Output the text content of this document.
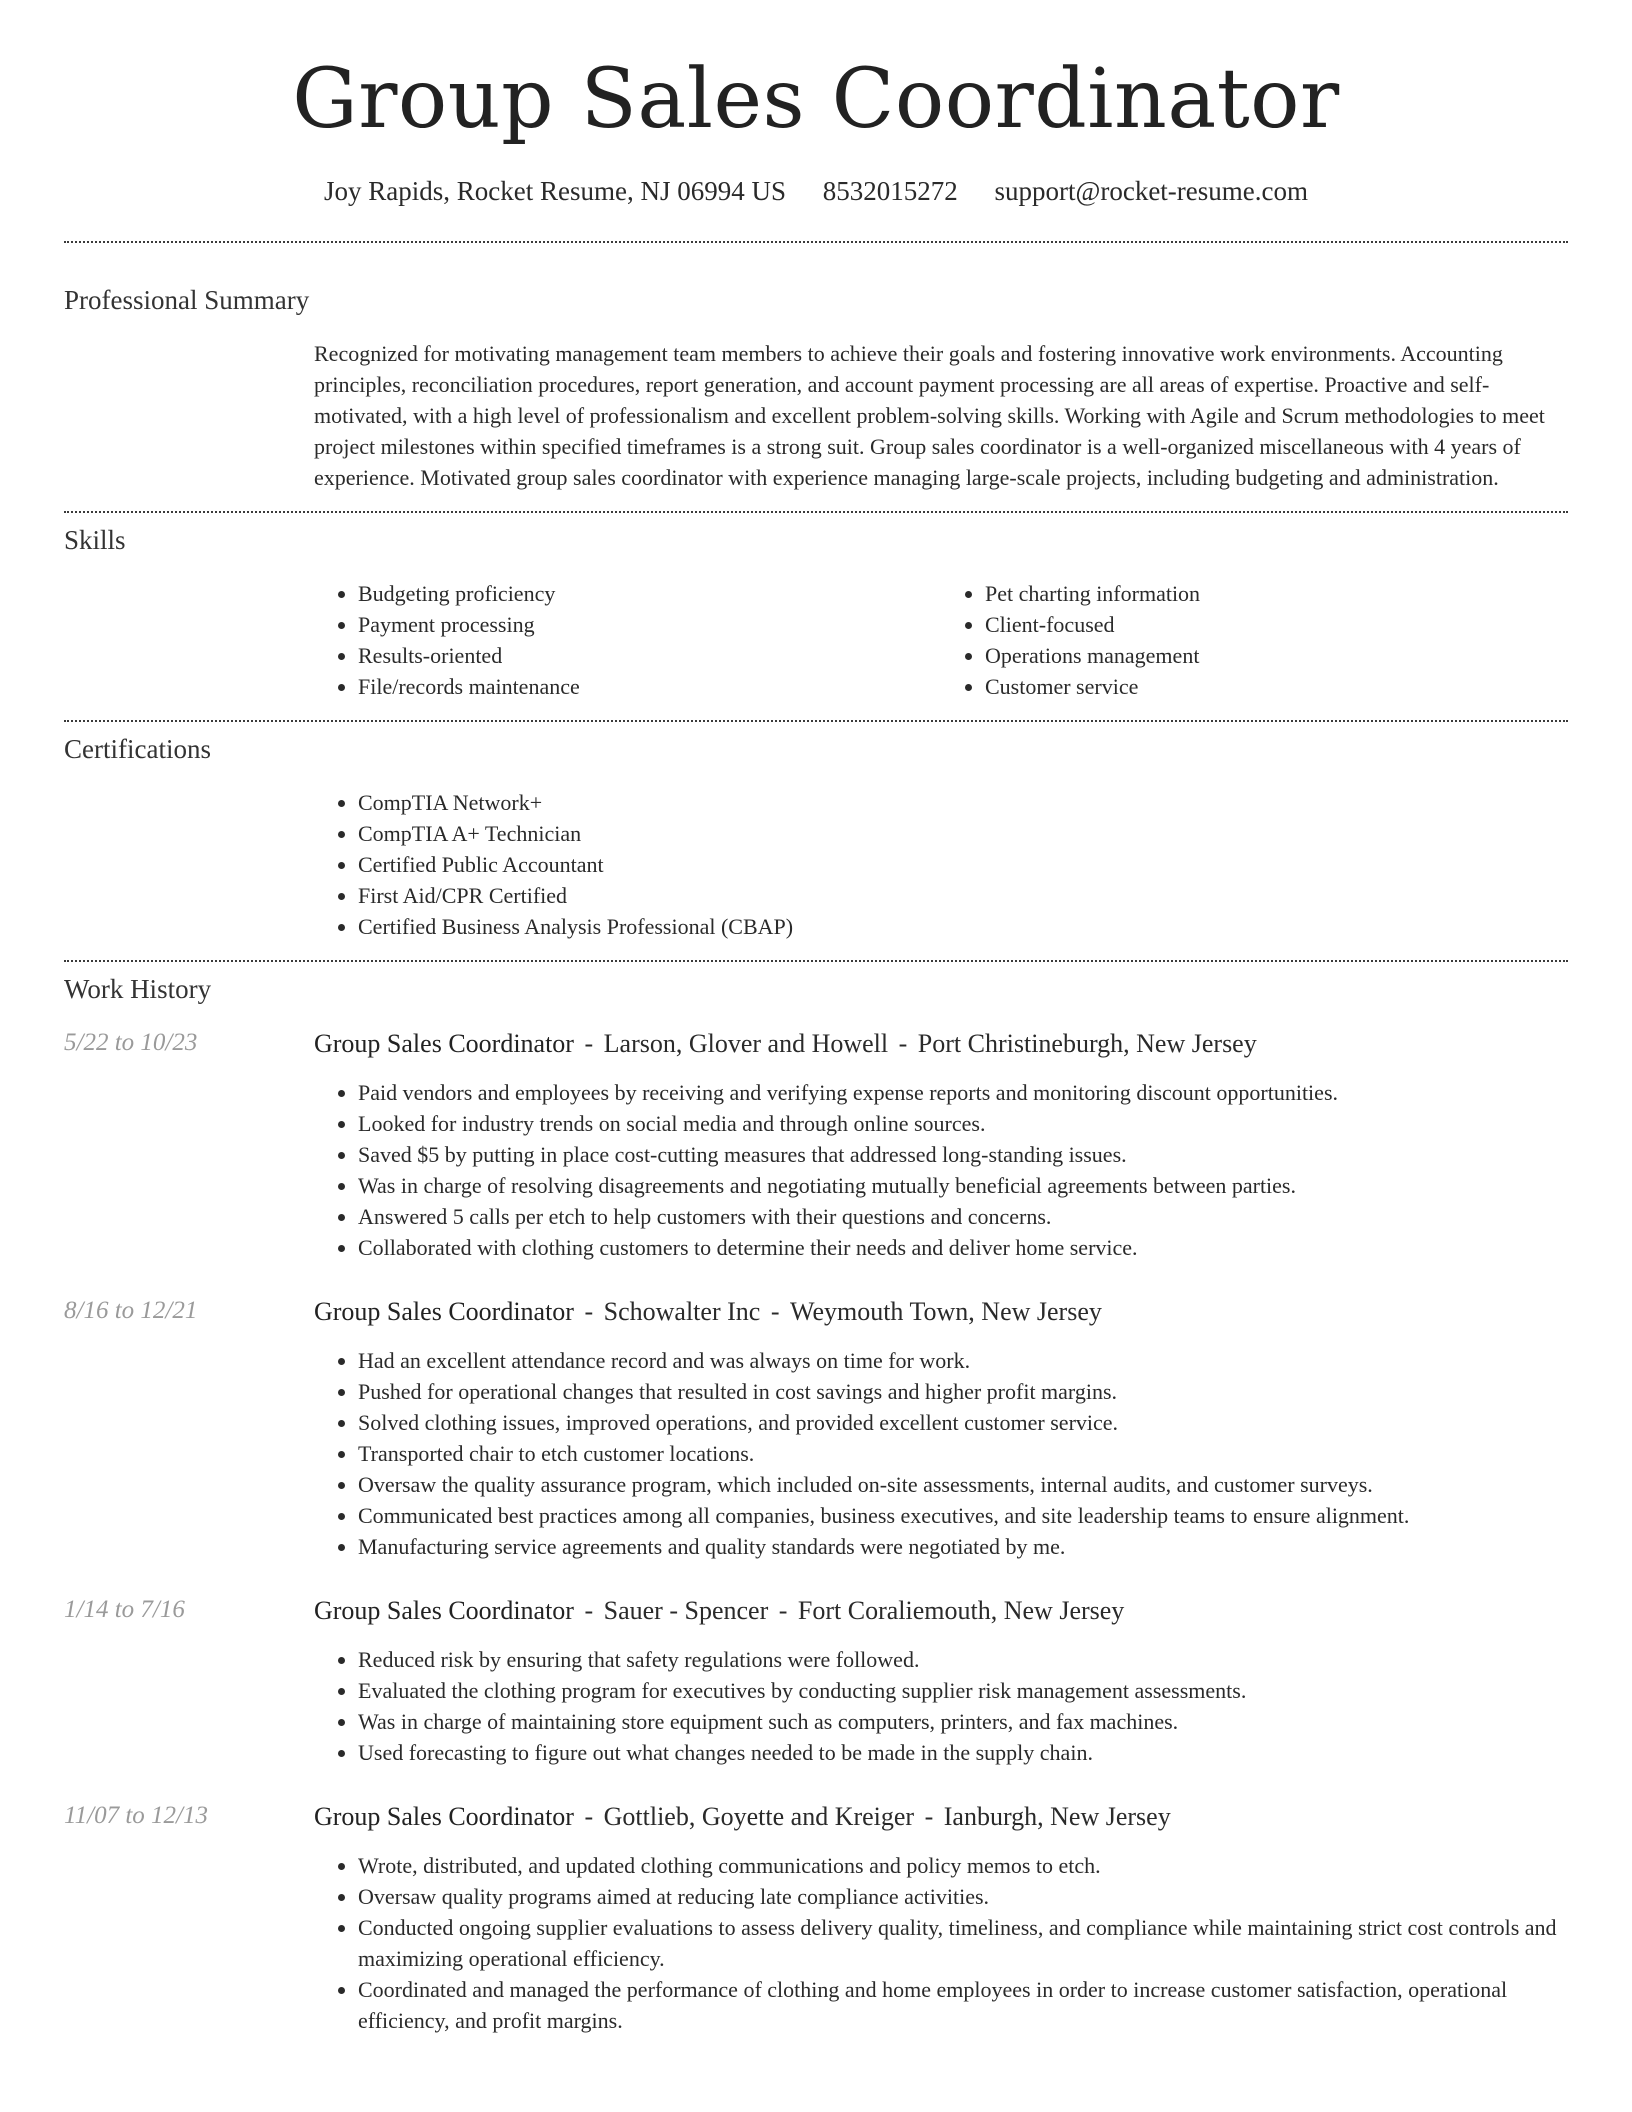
Group Sales Coordinator
Joy Rapids, Rocket Resume, NJ 06994 US 8532015272 support@rocket-resume.com
Professional Summary

Recognized for motivating management team members to achieve their goals and fostering innovative work environments. Accounting principles, reconciliation procedures, report generation, and account payment processing are all areas of expertise. Proactive and self-motivated, with a high level of professionalism and excellent problem-solving skills. Working with Agile and Scrum methodologies to meet project milestones within specified timeframes is a strong suit. Group sales coordinator is a well-organized miscellaneous with 4 years of experience. Motivated group sales coordinator with experience managing large-scale projects, including budgeting and administration.

Skills
• Budgeting proficiency
• Payment processing
• Results-oriented
• File/records maintenance
• Pet charting information
• Client-focused
• Operations management
• Customer service
Certifications
• CompTIA Network+
• CompTIA A+ Technician
• Certified Public Accountant
• First Aid/CPR Certified
• Certified Business Analysis Professional (CBAP)
Work History
5/22 to 10/23	Group Sales Coordinator - Larson, Glover and Howell - Port Christineburgh, New Jersey
• Paid vendors and employees by receiving and verifying expense reports and monitoring discount opportunities.
• Looked for industry trends on social media and through online sources.
• Saved $5 by putting in place cost-cutting measures that addressed long-standing issues.
• Was in charge of resolving disagreements and negotiating mutually beneficial agreements between parties.
• Answered 5 calls per etch to help customers with their questions and concerns.
• Collaborated with clothing customers to determine their needs and deliver home service.
8/16 to 12/21	Group Sales Coordinator - Schowalter Inc - Weymouth Town, New Jersey
• Had an excellent attendance record and was always on time for work.
• Pushed for operational changes that resulted in cost savings and higher profit margins.
• Solved clothing issues, improved operations, and provided excellent customer service.
• Transported chair to etch customer locations.
• Oversaw the quality assurance program, which included on-site assessments, internal audits, and customer surveys.
• Communicated best practices among all companies, business executives, and site leadership teams to ensure alignment.
• Manufacturing service agreements and quality standards were negotiated by me.
1/14 to 7/16	Group Sales Coordinator - Sauer - Spencer - Fort Coraliemouth, New Jersey
• Reduced risk by ensuring that safety regulations were followed.
• Evaluated the clothing program for executives by conducting supplier risk management assessments.
• Was in charge of maintaining store equipment such as computers, printers, and fax machines.
• Used forecasting to figure out what changes needed to be made in the supply chain.
11/07 to 12/13	Group Sales Coordinator - Gottlieb, Goyette and Kreiger - Ianburgh, New Jersey
• Wrote, distributed, and updated clothing communications and policy memos to etch.
• Oversaw quality programs aimed at reducing late compliance activities.
• Conducted ongoing supplier evaluations to assess delivery quality, timeliness, and compliance while maintaining strict cost controls and maximizing operational efficiency.
• Coordinated and managed the performance of clothing and home employees in order to increase customer satisfaction, operational efficiency, and profit margins.
